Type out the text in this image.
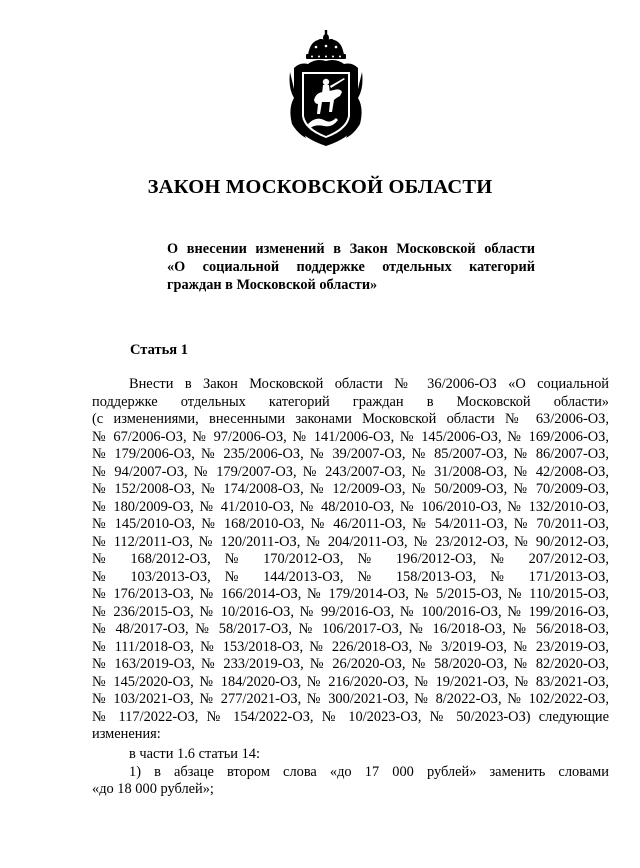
ЗАКОН МОСКОВСКОЙ ОБЛАСТИ
О внесении изменений в Закон Московской области
«О социальной поддержке отдельных категорий
граждан в Московской области»
Статья 1
Внести в Закон Московской области № 36/2006-ОЗ «О социальной
поддержке отдельных категорий граждан в Московской области»
(с изменениями, внесенными законами Московской области № 63/2006-ОЗ,
№ 67/2006-ОЗ, № 97/2006-ОЗ, № 141/2006-ОЗ, № 145/2006-ОЗ, № 169/2006-ОЗ,
№ 179/2006-ОЗ, № 235/2006-ОЗ, № 39/2007-ОЗ, № 85/2007-ОЗ, № 86/2007-ОЗ,
№ 94/2007-ОЗ, № 179/2007-ОЗ, № 243/2007-ОЗ, № 31/2008-ОЗ, № 42/2008-ОЗ,
№ 152/2008-ОЗ, № 174/2008-ОЗ, № 12/2009-ОЗ, № 50/2009-ОЗ, № 70/2009-ОЗ,
№ 180/2009-ОЗ, № 41/2010-ОЗ, № 48/2010-ОЗ, № 106/2010-ОЗ, № 132/2010-ОЗ,
№ 145/2010-ОЗ, № 168/2010-ОЗ, № 46/2011-ОЗ, № 54/2011-ОЗ, № 70/2011-ОЗ,
№ 112/2011-ОЗ, № 120/2011-ОЗ, № 204/2011-ОЗ, № 23/2012-ОЗ, № 90/2012-ОЗ,
№ 168/2012-ОЗ, № 170/2012-ОЗ, № 196/2012-ОЗ, № 207/2012-ОЗ,
№ 103/2013-ОЗ, № 144/2013-ОЗ, № 158/2013-ОЗ, № 171/2013-ОЗ,
№ 176/2013-ОЗ, № 166/2014-ОЗ, № 179/2014-ОЗ, № 5/2015-ОЗ, № 110/2015-ОЗ,
№ 236/2015-ОЗ, № 10/2016-ОЗ, № 99/2016-ОЗ, № 100/2016-ОЗ, № 199/2016-ОЗ,
№ 48/2017-ОЗ, № 58/2017-ОЗ, № 106/2017-ОЗ, № 16/2018-ОЗ, № 56/2018-ОЗ,
№ 111/2018-ОЗ, № 153/2018-ОЗ, № 226/2018-ОЗ, № 3/2019-ОЗ, № 23/2019-ОЗ,
№ 163/2019-ОЗ, № 233/2019-ОЗ, № 26/2020-ОЗ, № 58/2020-ОЗ, № 82/2020-ОЗ,
№ 145/2020-ОЗ, № 184/2020-ОЗ, № 216/2020-ОЗ, № 19/2021-ОЗ, № 83/2021-ОЗ,
№ 103/2021-ОЗ, № 277/2021-ОЗ, № 300/2021-ОЗ, № 8/2022-ОЗ, № 102/2022-ОЗ,
№ 117/2022-ОЗ, № 154/2022-ОЗ, № 10/2023-ОЗ, № 50/2023-ОЗ) следующие
изменения:
в части 1.6 статьи 14:
1) в абзаце втором слова «до 17 000 рублей» заменить словами
«до 18 000 рублей»;
